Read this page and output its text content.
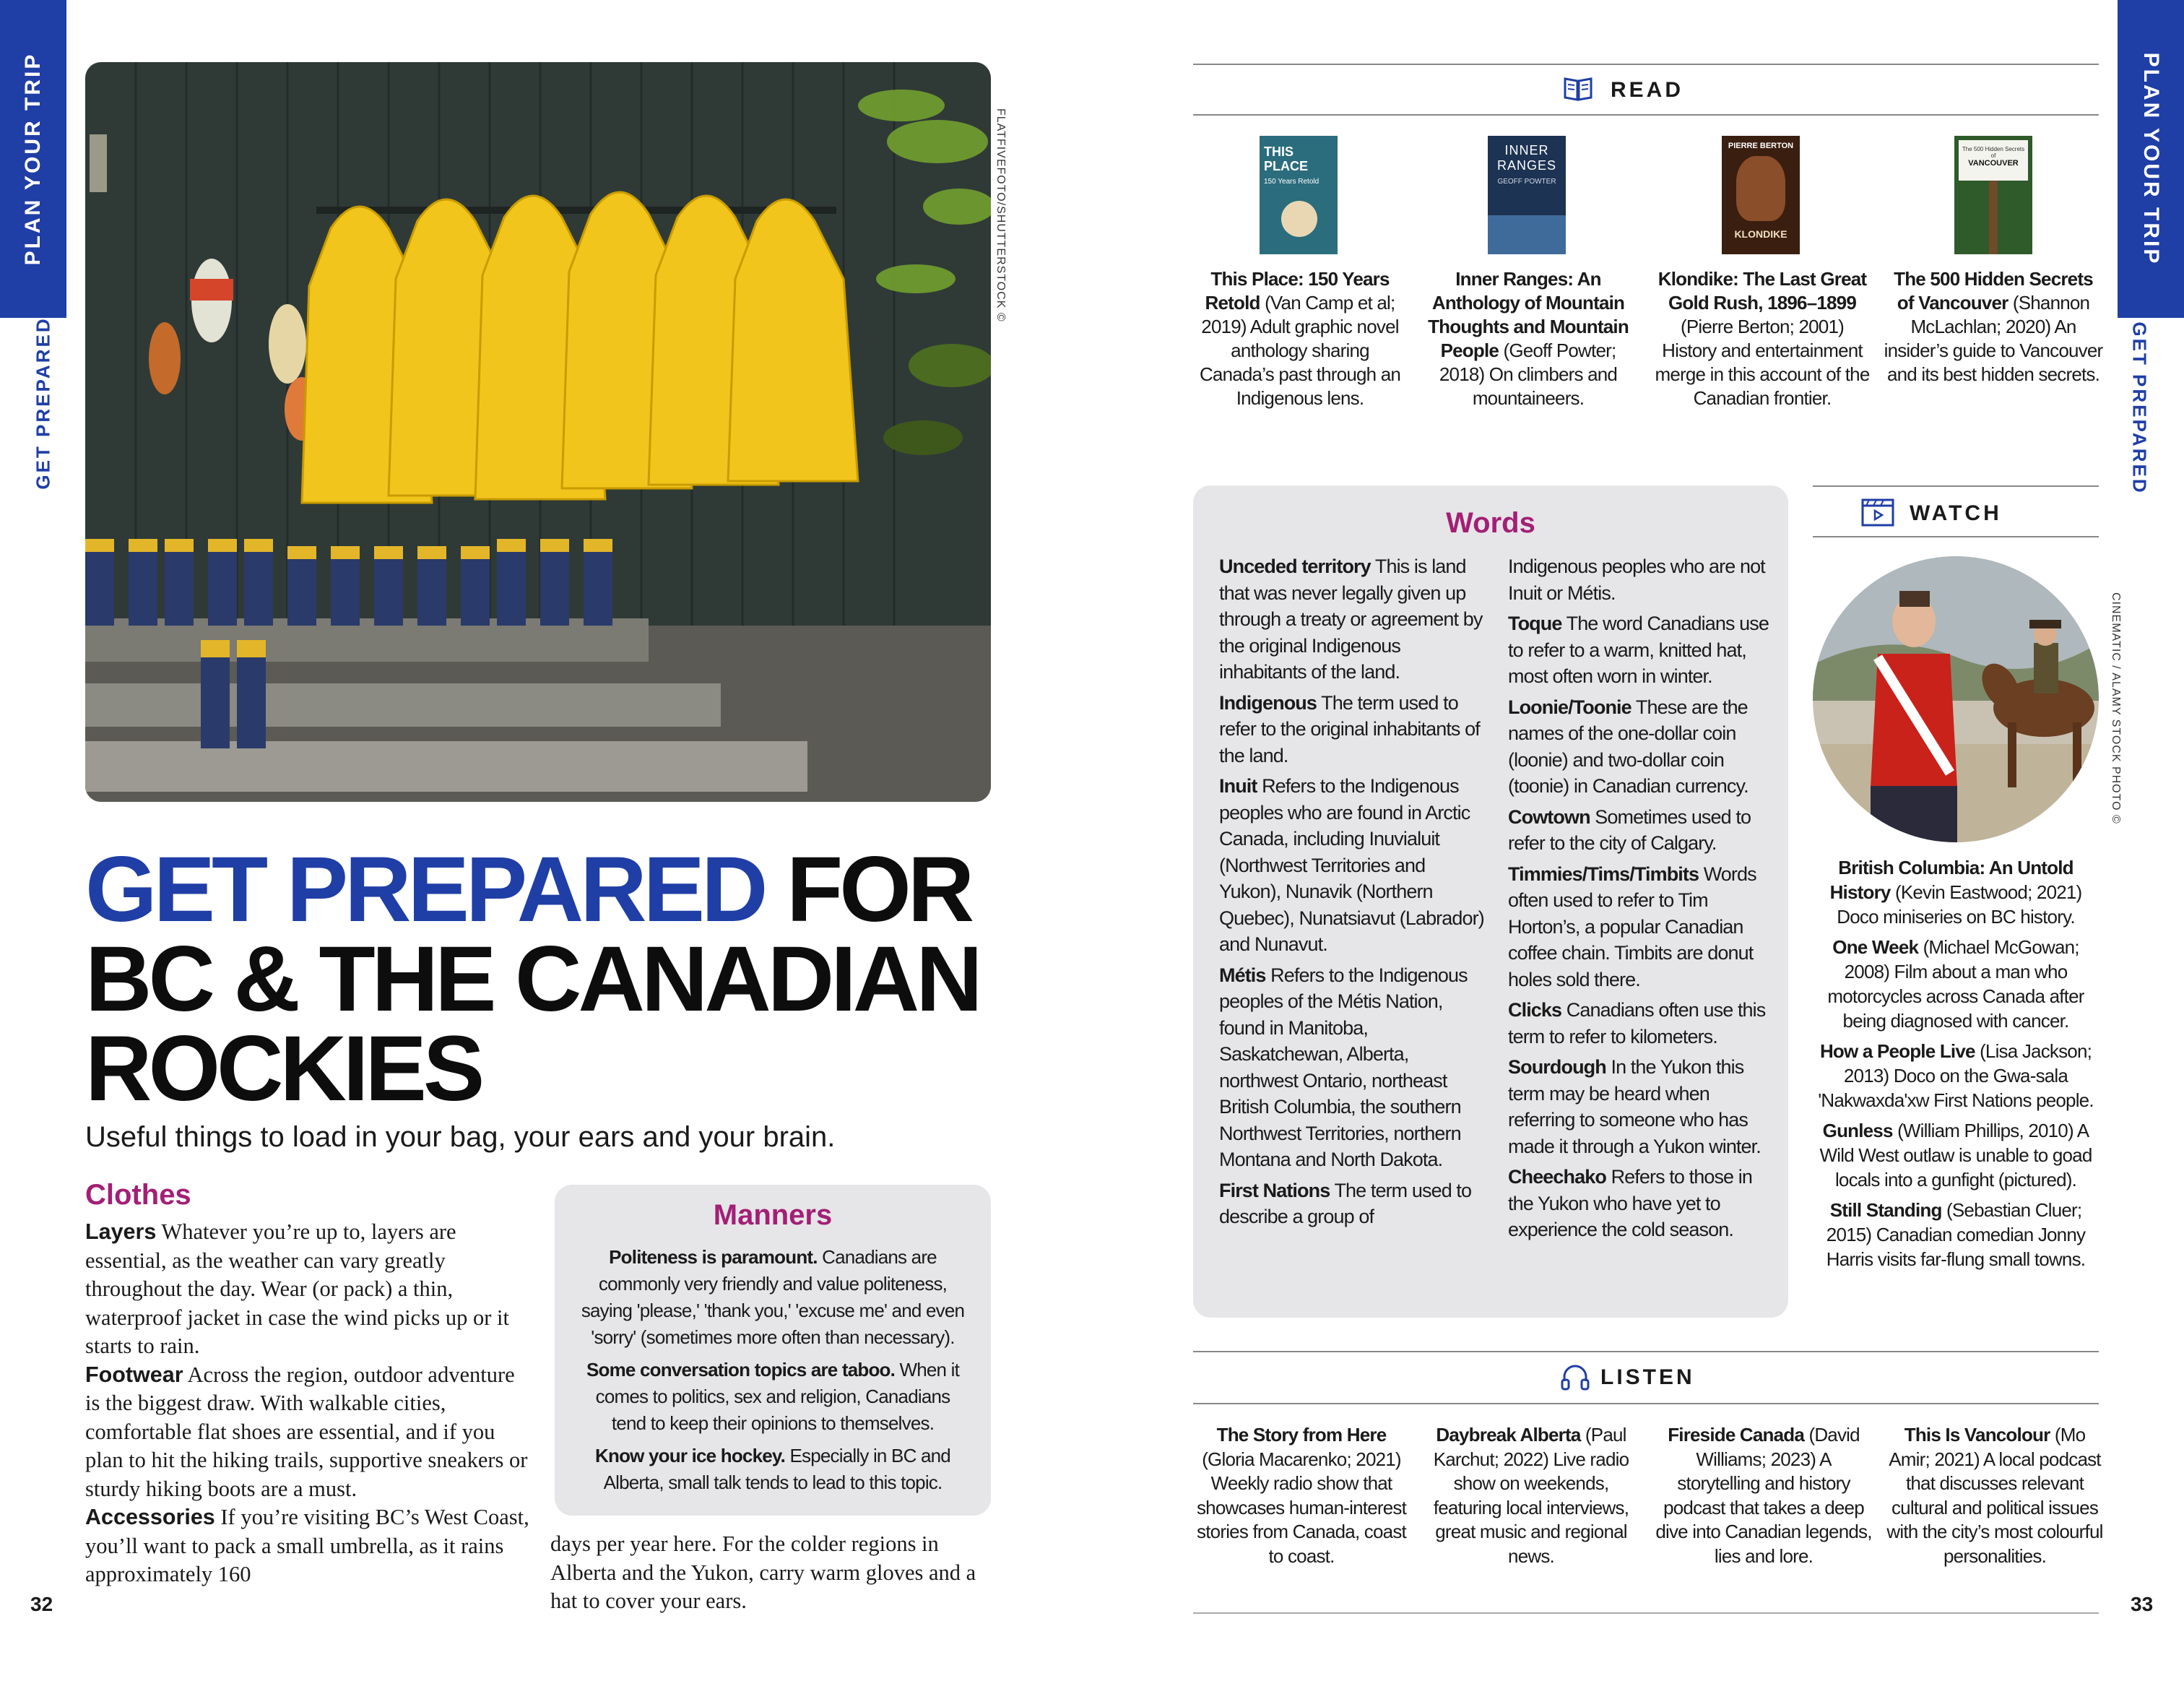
PLAN YOUR TRIP
GET PREPARED
32
FLATFIVEFOTO/SHUTTERSTOCK ©
GET PREPARED FOR
BC & THE CANADIAN
ROCKIES
Useful things to load in your bag, your ears and your brain.
Clothes
Layers Whatever you’re up to, layers are essential, as the weather can vary greatly throughout the day. Wear (or pack) a thin, waterproof jacket in case the wind picks up or it starts to rain.
Footwear Across the region, outdoor adventure is the biggest draw. With walkable cities, comfortable flat shoes are essential, and if you plan to hit the hiking trails, supportive sneakers or sturdy hiking boots are a must.
Accessories If you’re visiting BC’s West Coast, you’ll want to pack a small umbrella, as it rains approximately 160
days per year here. For the colder regions in Alberta and the Yukon, carry warm gloves and a hat to cover your ears.
Manners

Politeness is paramount. Canadians are commonly very friendly and value politeness, saying 'please,' 'thank you,' 'excuse me' and even 'sorry' (sometimes more often than necessary).

Some conversation topics are taboo. When it comes to politics, sex and religion, Canadians tend to keep their opinions to themselves.

Know your ice hockey. Especially in BC and Alberta, small talk tends to lead to this topic.

PLAN YOUR TRIP
GET PREPARED
33
READ
THIS PLACE
150 Years Retold
INNER RANGES
GEOFF POWTER
PIERRE BERTON
KLONDIKE
The 500 Hidden Secrets of
VANCOUVER
This Place: 150 Years Retold (Van Camp et al; 2019) Adult graphic novel anthology sharing Canada’s past through an Indigenous lens.
Inner Ranges: An Anthology of Mountain Thoughts and Mountain People (Geoff Powter; 2018) On climbers and mountaineers.
Klondike: The Last Great Gold Rush, 1896–1899 (Pierre Berton; 2001) History and entertainment merge in this account of the Canadian frontier.
The 500 Hidden Secrets of Vancouver (Shannon McLachlan; 2020) An insider’s guide to Vancouver and its best hidden secrets.
Words

Unceded territory This is land that was never legally given up through a treaty or agreement by the original Indigenous inhabitants of the land.

Indigenous The term used to refer to the original inhabitants of the land.

Inuit Refers to the Indigenous peoples who are found in Arctic Canada, including Inuvialuit (Northwest Territories and Yukon), Nunavik (Northern Quebec), Nunatsiavut (Labrador) and Nunavut.

Métis Refers to the Indigenous peoples of the Métis Nation, found in Manitoba, Saskatchewan, Alberta, northwest Ontario, northeast British Columbia, the southern Northwest Territories, northern Montana and North Dakota.

First Nations The term used to describe a group of

Indigenous peoples who are not Inuit or Métis.

Toque The word Canadians use to refer to a warm, knitted hat, most often worn in winter.

Loonie/Toonie These are the names of the one-dollar coin (loonie) and two-dollar coin (toonie) in Canadian currency.

Cowtown Sometimes used to refer to the city of Calgary.

Timmies/Tims/Timbits Words often used to refer to Tim Horton’s, a popular Canadian coffee chain. Timbits are donut holes sold there.

Clicks Canadians often use this term to refer to kilometers.

Sourdough In the Yukon this term may be heard when referring to someone who has made it through a Yukon winter.

Cheechako Refers to those in the Yukon who have yet to experience the cold season.

WATCH
CINEMATIC / ALAMY STOCK PHOTO ©
British Columbia: An Untold History (Kevin Eastwood; 2021) Doco miniseries on BC history.
One Week (Michael McGowan; 2008) Film about a man who motorcycles across Canada after being diagnosed with cancer.
How a People Live (Lisa Jackson; 2013) Doco on the Gwa-sala 'Nakwaxda'xw First Nations people.
Gunless (William Phillips, 2010) A Wild West outlaw is unable to goad locals into a gunfight (pictured).
Still Standing (Sebastian Cluer; 2015) Canadian comedian Jonny Harris visits far-flung small towns.
LISTEN
The Story from Here (Gloria Macarenko; 2021) Weekly radio show that showcases human-interest stories from Canada, coast to coast.
Daybreak Alberta (Paul Karchut; 2022) Live radio show on weekends, featuring local interviews, great music and regional news.
Fireside Canada (David Williams; 2023) A storytelling and history podcast that takes a deep dive into Canadian legends, lies and lore.
This Is Vancolour (Mo Amir; 2021) A local podcast that discusses relevant cultural and political issues with the city’s most colourful personalities.
